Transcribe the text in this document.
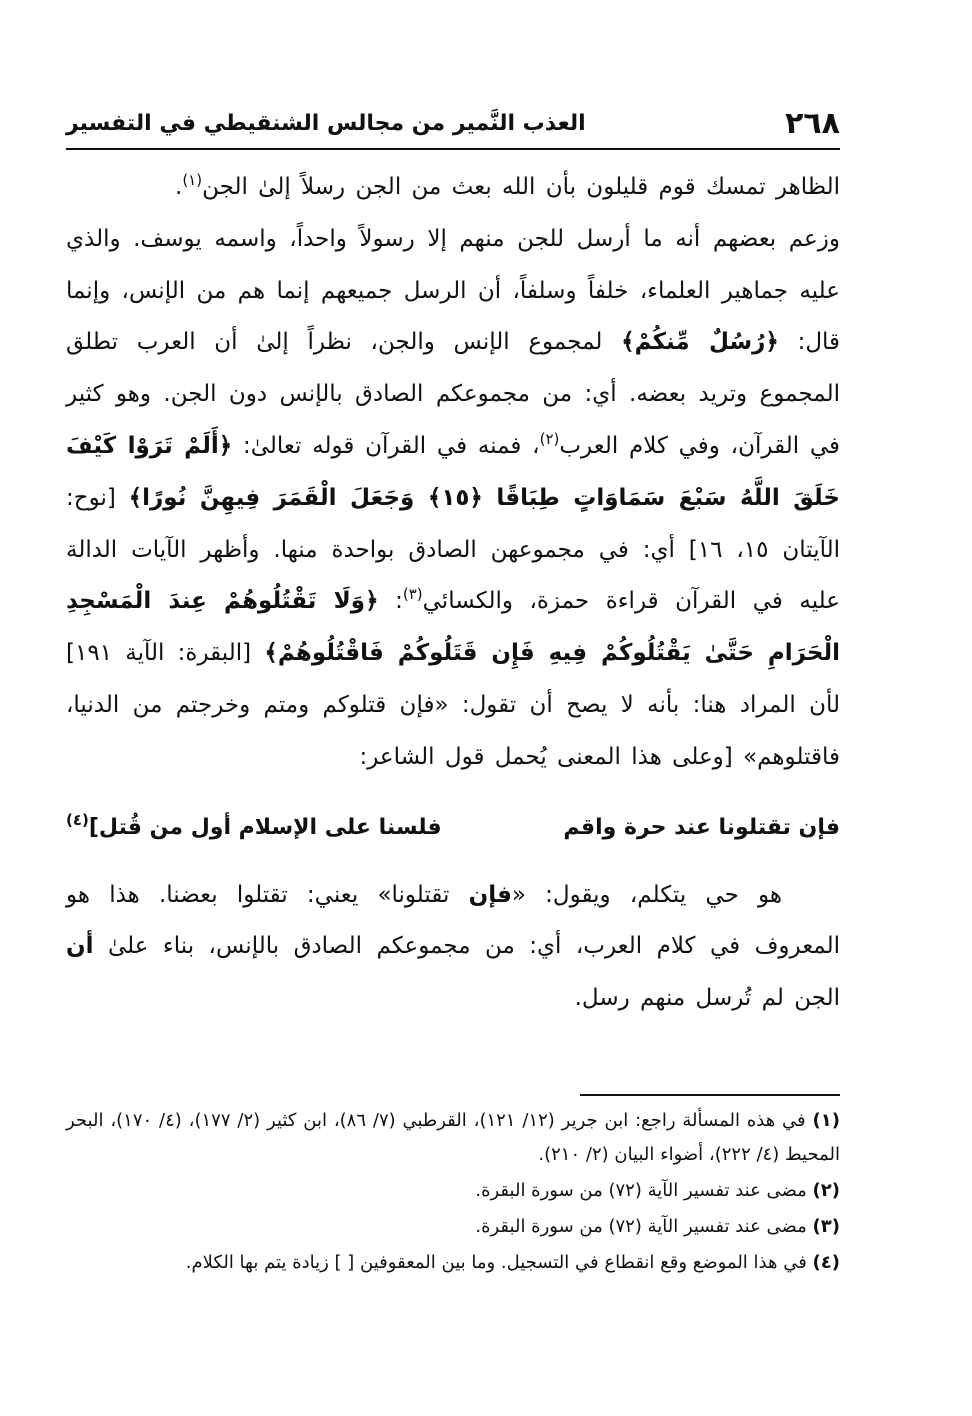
٢٦٨
العذب النَّمير من مجالس الشنقيطي في التفسير

الظاهر تمسك قوم قليلون بأن الله بعث من الجن رسلاً إلىٰ الجن$^{(١)}$.

وزعم بعضهم أنه ما أرسل للجن منهم إلا رسولاً واحداً، واسمه يوسف. والذي عليه جماهير العلماء، خلفاً وسلفاً، أن الرسل جميعهم إنما هم من الإنس، وإنما قال: ﴿رُسُلٌ مِّنكُمْ﴾ لمجموع الإنس والجن، نظراً إلىٰ أن العرب تطلق المجموع وتريد بعضه. أي: من مجموعكم الصادق بالإنس دون الجن. وهو كثير في القرآن، وفي كلام العرب$^{(٢)}$، فمنه في القرآن قوله تعالىٰ: ﴿أَلَمْ تَرَوْا كَيْفَ خَلَقَ اللَّهُ سَبْعَ سَمَاوَاتٍ طِبَاقًا ﴿١٥﴾ وَجَعَلَ الْقَمَرَ فِيهِنَّ نُورًا﴾ [نوح: الآيتان ١٥، ١٦] أي: في مجموعهن الصادق بواحدة منها. وأظهر الآيات الدالة عليه في القرآن قراءة حمزة، والكسائي$^{(٣)}$: ﴿وَلَا تَقْتُلُوهُمْ عِندَ الْمَسْجِدِ الْحَرَامِ حَتَّىٰ يَقْتُلُوكُمْ فِيهِ فَإِن قَتَلُوكُمْ فَاقْتُلُوهُمْ﴾ [البقرة: الآية ١٩١] لأن المراد هنا: بأنه لا يصح أن تقول: «فإن قتلوكم ومتم وخرجتم من الدنيا، فاقتلوهم» [وعلى هذا المعنى يُحمل قول الشاعر:

فإن تقتلونا عند حرة واقم
فلسنا على الإسلام أول من قُتل]$^{(٤)}$

هو حي يتكلم، ويقول: «فإن تقتلونا» يعني: تقتلوا بعضنا. هذا هو المعروف في كلام العرب، أي: من مجموعكم الصادق بالإنس، بناء علىٰ أن الجن لم تُرسل منهم رسل.

(١) في هذه المسألة راجع: ابن جرير (١٢/ ١٢١)، القرطبي (٧/ ٨٦)، ابن كثير (٢/ ١٧٧)، (٤/ ١٧٠)، البحر المحيط (٤/ ٢٢٢)، أضواء البيان (٢/ ٢١٠).

(٢) مضى عند تفسير الآية (٧٢) من سورة البقرة.

(٣) مضى عند تفسير الآية (٧٢) من سورة البقرة.

(٤) في هذا الموضع وقع انقطاع في التسجيل. وما بين المعقوفين [ ] زيادة يتم بها الكلام.
